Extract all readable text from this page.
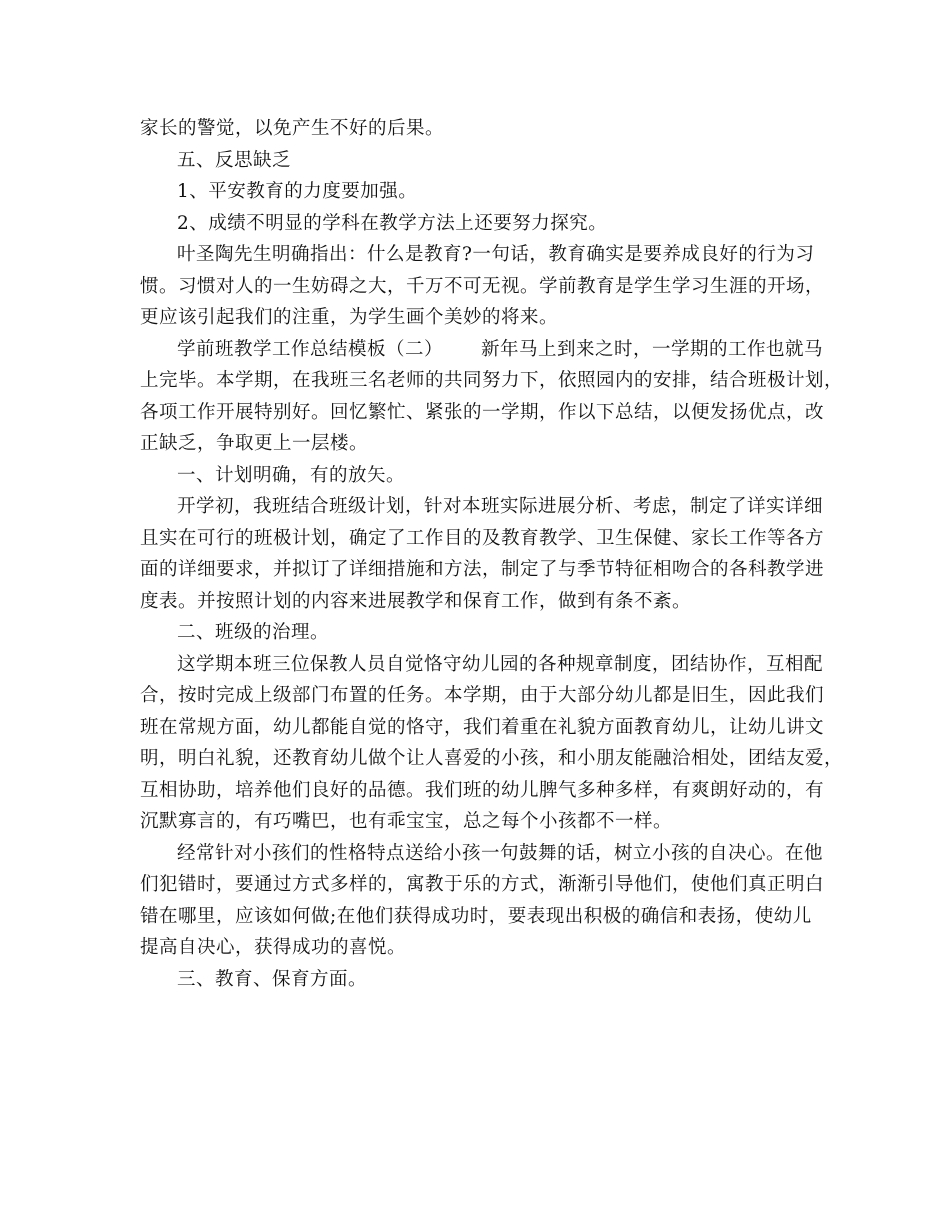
家长的警觉，以免产生不好的后果。
五、反思缺乏
1、平安教育的力度要加强。
2、成绩不明显的学科在教学方法上还要努力探究。
叶圣陶先生明确指出：什么是教育?一句话，教育确实是要养成良好的行为习
惯。习惯对人的一生妨碍之大，千万不可无视。学前教育是学生学习生涯的开场，
更应该引起我们的注重，为学生画个美妙的将来。
学前班教学工作总结模板（二） 新年马上到来之时，一学期的工作也就马
上完毕。本学期，在我班三名老师的共同努力下，依照园内的安排，结合班极计划，
各项工作开展特别好。回忆繁忙、紧张的一学期，作以下总结，以便发扬优点，改
正缺乏，争取更上一层楼。
一、计划明确，有的放矢。
开学初，我班结合班级计划，针对本班实际进展分析、考虑，制定了详实详细
且实在可行的班极计划，确定了工作目的及教育教学、卫生保健、家长工作等各方
面的详细要求，并拟订了详细措施和方法，制定了与季节特征相吻合的各科教学进
度表。并按照计划的内容来进展教学和保育工作，做到有条不紊。
二、班级的治理。
这学期本班三位保教人员自觉恪守幼儿园的各种规章制度，团结协作，互相配
合，按时完成上级部门布置的任务。本学期，由于大部分幼儿都是旧生，因此我们
班在常规方面，幼儿都能自觉的恪守，我们着重在礼貌方面教育幼儿，让幼儿讲文
明，明白礼貌，还教育幼儿做个让人喜爱的小孩，和小朋友能融洽相处，团结友爱，
互相协助，培养他们良好的品德。我们班的幼儿脾气多种多样，有爽朗好动的，有
沉默寡言的，有巧嘴巴，也有乖宝宝，总之每个小孩都不一样。
经常针对小孩们的性格特点送给小孩一句鼓舞的话，树立小孩的自决心。在他
们犯错时，要通过方式多样的，寓教于乐的方式，渐渐引导他们，使他们真正明白
错在哪里，应该如何做;在他们获得成功时，要表现出积极的确信和表扬，使幼儿
提高自决心，获得成功的喜悦。
三、教育、保育方面。
